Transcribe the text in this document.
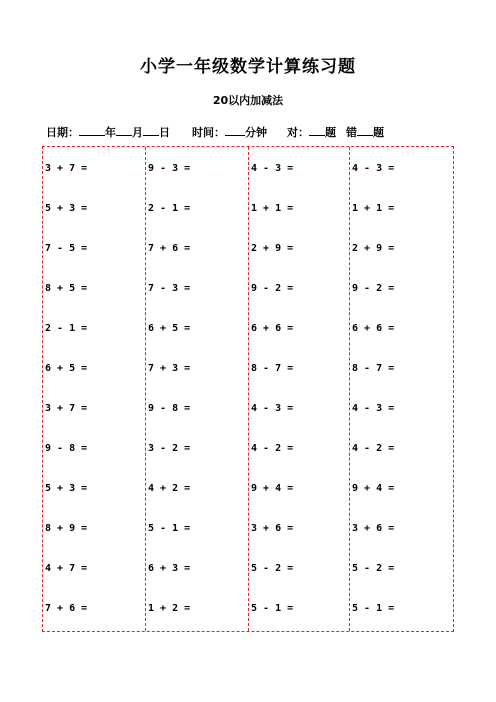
小学一年级数学计算练习题
20以内加减法
日期： 年 月 日 时间： 分钟 对： 题 错 题
3 + 7 =
5 + 3 =
7 - 5 =
8 + 5 =
2 - 1 =
6 + 5 =
3 + 7 =
9 - 8 =
5 + 3 =
8 + 9 =
4 + 7 =
7 + 6 =
9 - 3 =
2 - 1 =
7 + 6 =
7 - 3 =
6 + 5 =
7 + 3 =
9 - 8 =
3 - 2 =
4 + 2 =
5 - 1 =
6 + 3 =
1 + 2 =
4 - 3 =
1 + 1 =
2 + 9 =
9 - 2 =
6 + 6 =
8 - 7 =
4 - 3 =
4 - 2 =
9 + 4 =
3 + 6 =
5 - 2 =
5 - 1 =
4 - 3 =
1 + 1 =
2 + 9 =
9 - 2 =
6 + 6 =
8 - 7 =
4 - 3 =
4 - 2 =
9 + 4 =
3 + 6 =
5 - 2 =
5 - 1 =
